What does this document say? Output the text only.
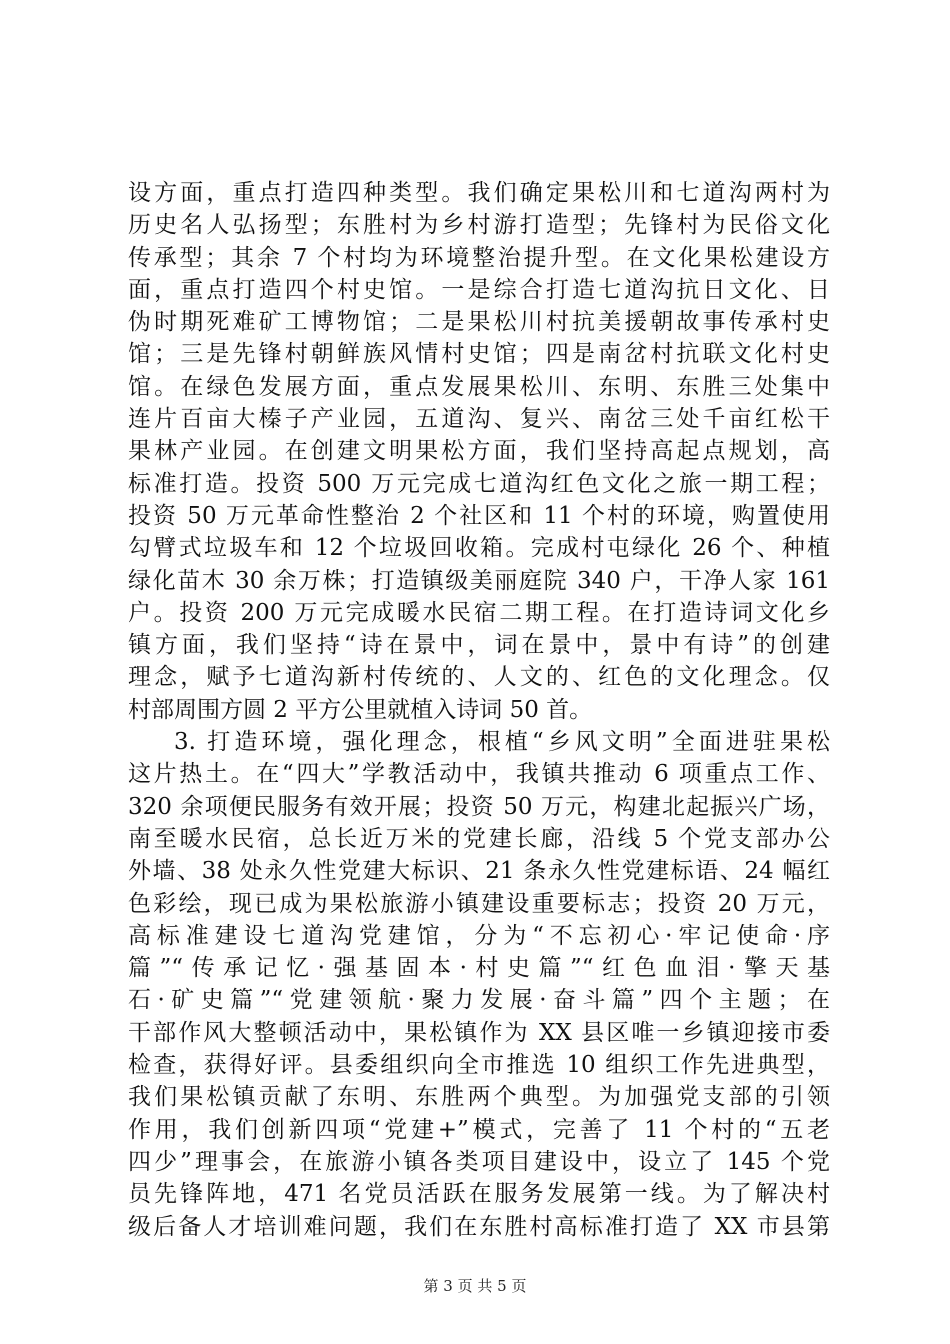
设方面，重点打造四种类型。我们确定果松川和七道沟两村为
历史名人弘扬型；东胜村为乡村游打造型；先锋村为民俗文化
传承型；其余 7 个村均为环境整治提升型。在文化果松建设方
面，重点打造四个村史馆。一是综合打造七道沟抗日文化、日
伪时期死难矿工博物馆；二是果松川村抗美援朝故事传承村史
馆；三是先锋村朝鲜族风情村史馆；四是南岔村抗联文化村史
馆。在绿色发展方面，重点发展果松川、东明、东胜三处集中
连片百亩大榛子产业园，五道沟、复兴、南岔三处千亩红松干
果林产业园。在创建文明果松方面，我们坚持高起点规划，高
标准打造。投资 500 万元完成七道沟红色文化之旅一期工程；
投资 50 万元革命性整治 2 个社区和 11 个村的环境，购置使用
勾臂式垃圾车和 12 个垃圾回收箱。完成村屯绿化 26 个、种植
绿化苗木 30 余万株；打造镇级美丽庭院 340 户，干净人家 161
户。投资 200 万元完成暖水民宿二期工程。在打造诗词文化乡
镇方面，我们坚持“诗在景中，词在景中，景中有诗”的创建
理念，赋予七道沟新村传统的、人文的、红色的文化理念。仅
村部周围方圆 2 平方公里就植入诗词 50 首。
3. 打造环境，强化理念，根植“乡风文明”全面进驻果松
这片热土。在“四大”学教活动中，我镇共推动 6 项重点工作、
320 余项便民服务有效开展；投资 50 万元，构建北起振兴广场，
南至暖水民宿，总长近万米的党建长廊，沿线 5 个党支部办公
外墙、38 处永久性党建大标识、21 条永久性党建标语、24 幅红
色彩绘，现已成为果松旅游小镇建设重要标志；投资 20 万元，
高标准建设七道沟党建馆，分为“不忘初心·牢记使命·序
篇”“传承记忆·强基固本·村史篇”“红色血泪·擎天基
石·矿史篇”“党建领航·聚力发展·奋斗篇”四个主题；在
干部作风大整顿活动中，果松镇作为 XX 县区唯一乡镇迎接市委
检查，获得好评。县委组织向全市推选 10 组织工作先进典型，
我们果松镇贡献了东明、东胜两个典型。为加强党支部的引领
作用，我们创新四项“党建+”模式，完善了 11 个村的“五老
四少”理事会，在旅游小镇各类项目建设中，设立了 145 个党
员先锋阵地，471 名党员活跃在服务发展第一线。为了解决村
级后备人才培训难问题，我们在东胜村高标准打造了 XX 市县第
第 3 页 共 5 页
